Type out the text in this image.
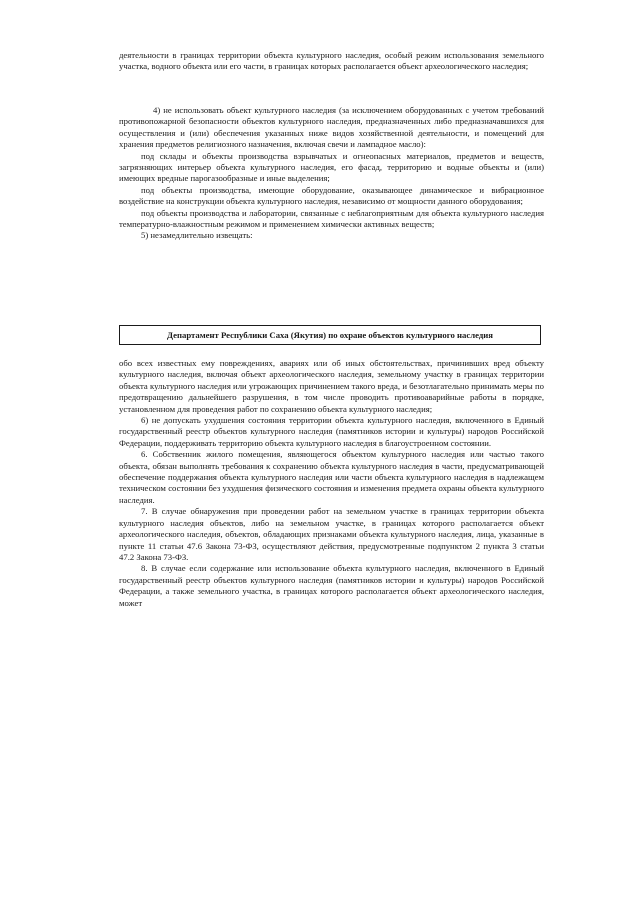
деятельности в границах территории объекта культурного наследия, особый режим использования земельного участка, водного объекта или его части, в границах которых располагается объект археологического наследия;

4) не использовать объект культурного наследия (за исключением оборудованных с учетом требований противопожарной безопасности объектов культурного наследия, предназначенных либо предназначавшихся для осуществления и (или) обеспечения указанных ниже видов хозяйственной деятельности, и помещений для хранения предметов религиозного назначения, включая свечи и лампадное масло):

под склады и объекты производства взрывчатых и огнеопасных материалов, предметов и веществ, загрязняющих интерьер объекта культурного наследия, его фасад, территорию и водные объекты и (или) имеющих вредные парогазообразные и иные выделения;

под объекты производства, имеющие оборудование, оказывающее динамическое и вибрационное воздействие на конструкции объекта культурного наследия, независимо от мощности данного оборудования;

под объекты производства и лаборатории, связанные с неблагоприятным для объекта культурного наследия температурно-влажностным режимом и применением химически активных веществ;

5) незамедлительно извещать:

Департамент Республики Саха (Якутия) по охране объектов культурного наследия

обо всех известных ему повреждениях, авариях или об иных обстоятельствах, причинивших вред объекту культурного наследия, включая объект археологического наследия, земельному участку в границах территории объекта культурного наследия или угрожающих причинением такого вреда, и безотлагательно принимать меры по предотвращению дальнейшего разрушения, в том числе проводить противоаварийные работы в порядке, установленном для проведения работ по сохранению объекта культурного наследия;

6) не допускать ухудшения состояния территории объекта культурного наследия, включенного в Единый государственный реестр объектов культурного наследия (памятников истории и культуры) народов Российской Федерации, поддерживать территорию объекта культурного наследия в благоустроенном состоянии.

6. Собственник жилого помещения, являющегося объектом культурного наследия или частью такого объекта, обязан выполнять требования к сохранению объекта культурного наследия в части, предусматривающей обеспечение поддержания объекта культурного наследия или части объекта культурного наследия в надлежащем техническом состоянии без ухудшения физического состояния и изменения предмета охраны объекта культурного наследия.

7. В случае обнаружения при проведении работ на земельном участке в границах территории объекта культурного наследия объектов, либо на земельном участке, в границах которого располагается объект археологического наследия, объектов, обладающих признаками объекта культурного наследия, лица, указанные в пункте 11 статьи 47.6 Закона 73-ФЗ, осуществляют действия, предусмотренные подпунктом 2 пункта 3 статьи 47.2 Закона 73-ФЗ.

8. В случае если содержание или использование объекта культурного наследия, включенного в Единый государственный реестр объектов культурного наследия (памятников истории и культуры) народов Российской Федерации, а также земельного участка, в границах которого располагается объект археологического наследия, может
